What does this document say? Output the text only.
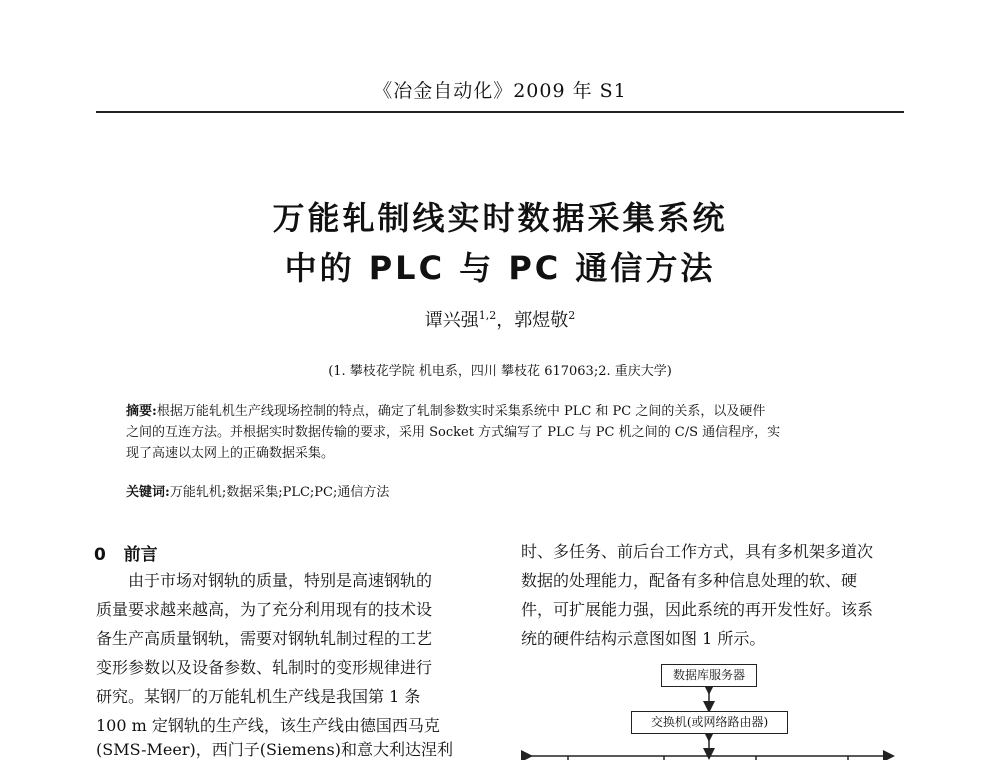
《冶金自动化》2009 年 S1
万能轧制线实时数据采集系统
中的 PLC 与 PC 通信方法
谭兴强$^{1,2}$，郭煜敬$^2$
(1. 攀枝花学院 机电系，四川 攀枝花 617063;2. 重庆大学)
摘要:根据万能轧机生产线现场控制的特点，确定了轧制参数实时采集系统中 PLC 和 PC 之间的关系，以及硬件
之间的互连方法。并根据实时数据传输的要求，采用 Socket 方式编写了 PLC 与 PC 机之间的 C/S 通信程序，实
现了高速以太网上的正确数据采集。
关键词:万能轧机;数据采集;PLC;PC;通信方法
0 前言
　　由于市场对钢轨的质量，特别是高速钢轨的
质量要求越来越高，为了充分利用现有的技术设
备生产高质量钢轨，需要对钢轨轧制过程的工艺
变形参数以及设备参数、轧制时的变形规律进行
研究。某钢厂的万能轧机生产线是我国第 1 条
100 m 定钢轨的生产线，该生产线由德国西马克
(SMS-Meer)，西门子(Siemens)和意大利达涅利
时、多任务、前后台工作方式，具有多机架多道次
数据的处理能力，配备有多种信息处理的软、硬
件，可扩展能力强，因此系统的再开发性好。该系
统的硬件结构示意图如图 1 所示。
数据库服务器
交换机(或网络路由器)
